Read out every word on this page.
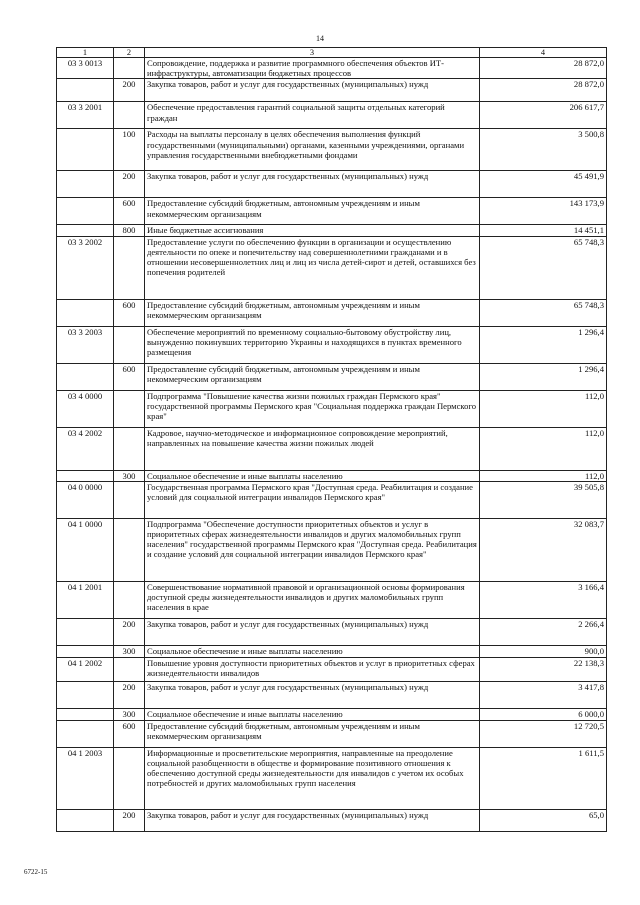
14
1	2	3	4
03 3 0013		Сопровождение, поддержка и развитие программного обеспечения объектов ИТ-инфраструктуры, автоматизации бюджетных процессов	28 872,0
	200	Закупка товаров, работ и услуг для государственных (муниципальных) нужд	28 872,0
03 3 2001		Обеспечение предоставления гарантий социальной защиты отдельных категорий граждан	206 617,7
	100	Расходы на выплаты персоналу в целях обеспечения выполнения функций государственными (муниципальными) органами, казенными учреждениями, органами управления государственными внебюджетными фондами	3 500,8
	200	Закупка товаров, работ и услуг для государственных (муниципальных) нужд	45 491,9
	600	Предоставление субсидий бюджетным, автономным учреждениям и иным некоммерческим организациям	143 173,9
	800	Иные бюджетные ассигнования	14 451,1
03 3 2002		Предоставление услуги по обеспечению функции в организации и осуществлению деятельности по опеке и попечительству над совершеннолетними гражданами и в отношении несовершеннолетних лиц и лиц из числа детей-сирот и детей, оставшихся без попечения родителей	65 748,3
	600	Предоставление субсидий бюджетным, автономным учреждениям и иным некоммерческим организациям	65 748,3
03 3 2003		Обеспечение мероприятий по временному социально-бытовому обустройству лиц, вынужденно покинувших территорию Украины и находящихся в пунктах временного размещения	1 296,4
	600	Предоставление субсидий бюджетным, автономным учреждениям и иным некоммерческим организациям	1 296,4
03 4 0000		Подпрограмма "Повышение качества жизни пожилых граждан Пермского края" государственной программы Пермского края "Социальная поддержка граждан Пермского края"	112,0
03 4 2002		Кадровое, научно-методическое и информационное сопровождение мероприятий, направленных на повышение качества жизни пожилых людей	112,0
	300	Социальное обеспечение и иные выплаты населению	112,0
04 0 0000		Государственная программа Пермского края "Доступная среда. Реабилитация и создание условий для социальной интеграции инвалидов Пермского края"	39 505,8
04 1 0000		Подпрограмма "Обеспечение доступности приоритетных объектов и услуг в приоритетных сферах жизнедеятельности инвалидов и других маломобильных групп населения" государственной программы Пермского края "Доступная среда. Реабилитация и создание условий для социальной интеграции инвалидов Пермского края"	32 083,7
04 1 2001		Совершенствование нормативной правовой и организационной основы формирования доступной среды жизнедеятельности инвалидов и других маломобильных групп населения в крае	3 166,4
	200	Закупка товаров, работ и услуг для государственных (муниципальных) нужд	2 266,4
	300	Социальное обеспечение и иные выплаты населению	900,0
04 1 2002		Повышение уровня доступности приоритетных объектов и услуг в приоритетных сферах жизнедеятельности инвалидов	22 138,3
	200	Закупка товаров, работ и услуг для государственных (муниципальных) нужд	3 417,8
	300	Социальное обеспечение и иные выплаты населению	6 000,0
	600	Предоставление субсидий бюджетным, автономным учреждениям и иным некоммерческим организациям	12 720,5
04 1 2003		Информационные и просветительские мероприятия, направленные на преодоление социальной разобщенности в обществе и формирование позитивного отношения к обеспечению доступной среды жизнедеятельности для инвалидов с учетом их особых потребностей и других маломобильных групп населения	1 611,5
	200	Закупка товаров, работ и услуг для государственных (муниципальных) нужд	65,0
6722-15
